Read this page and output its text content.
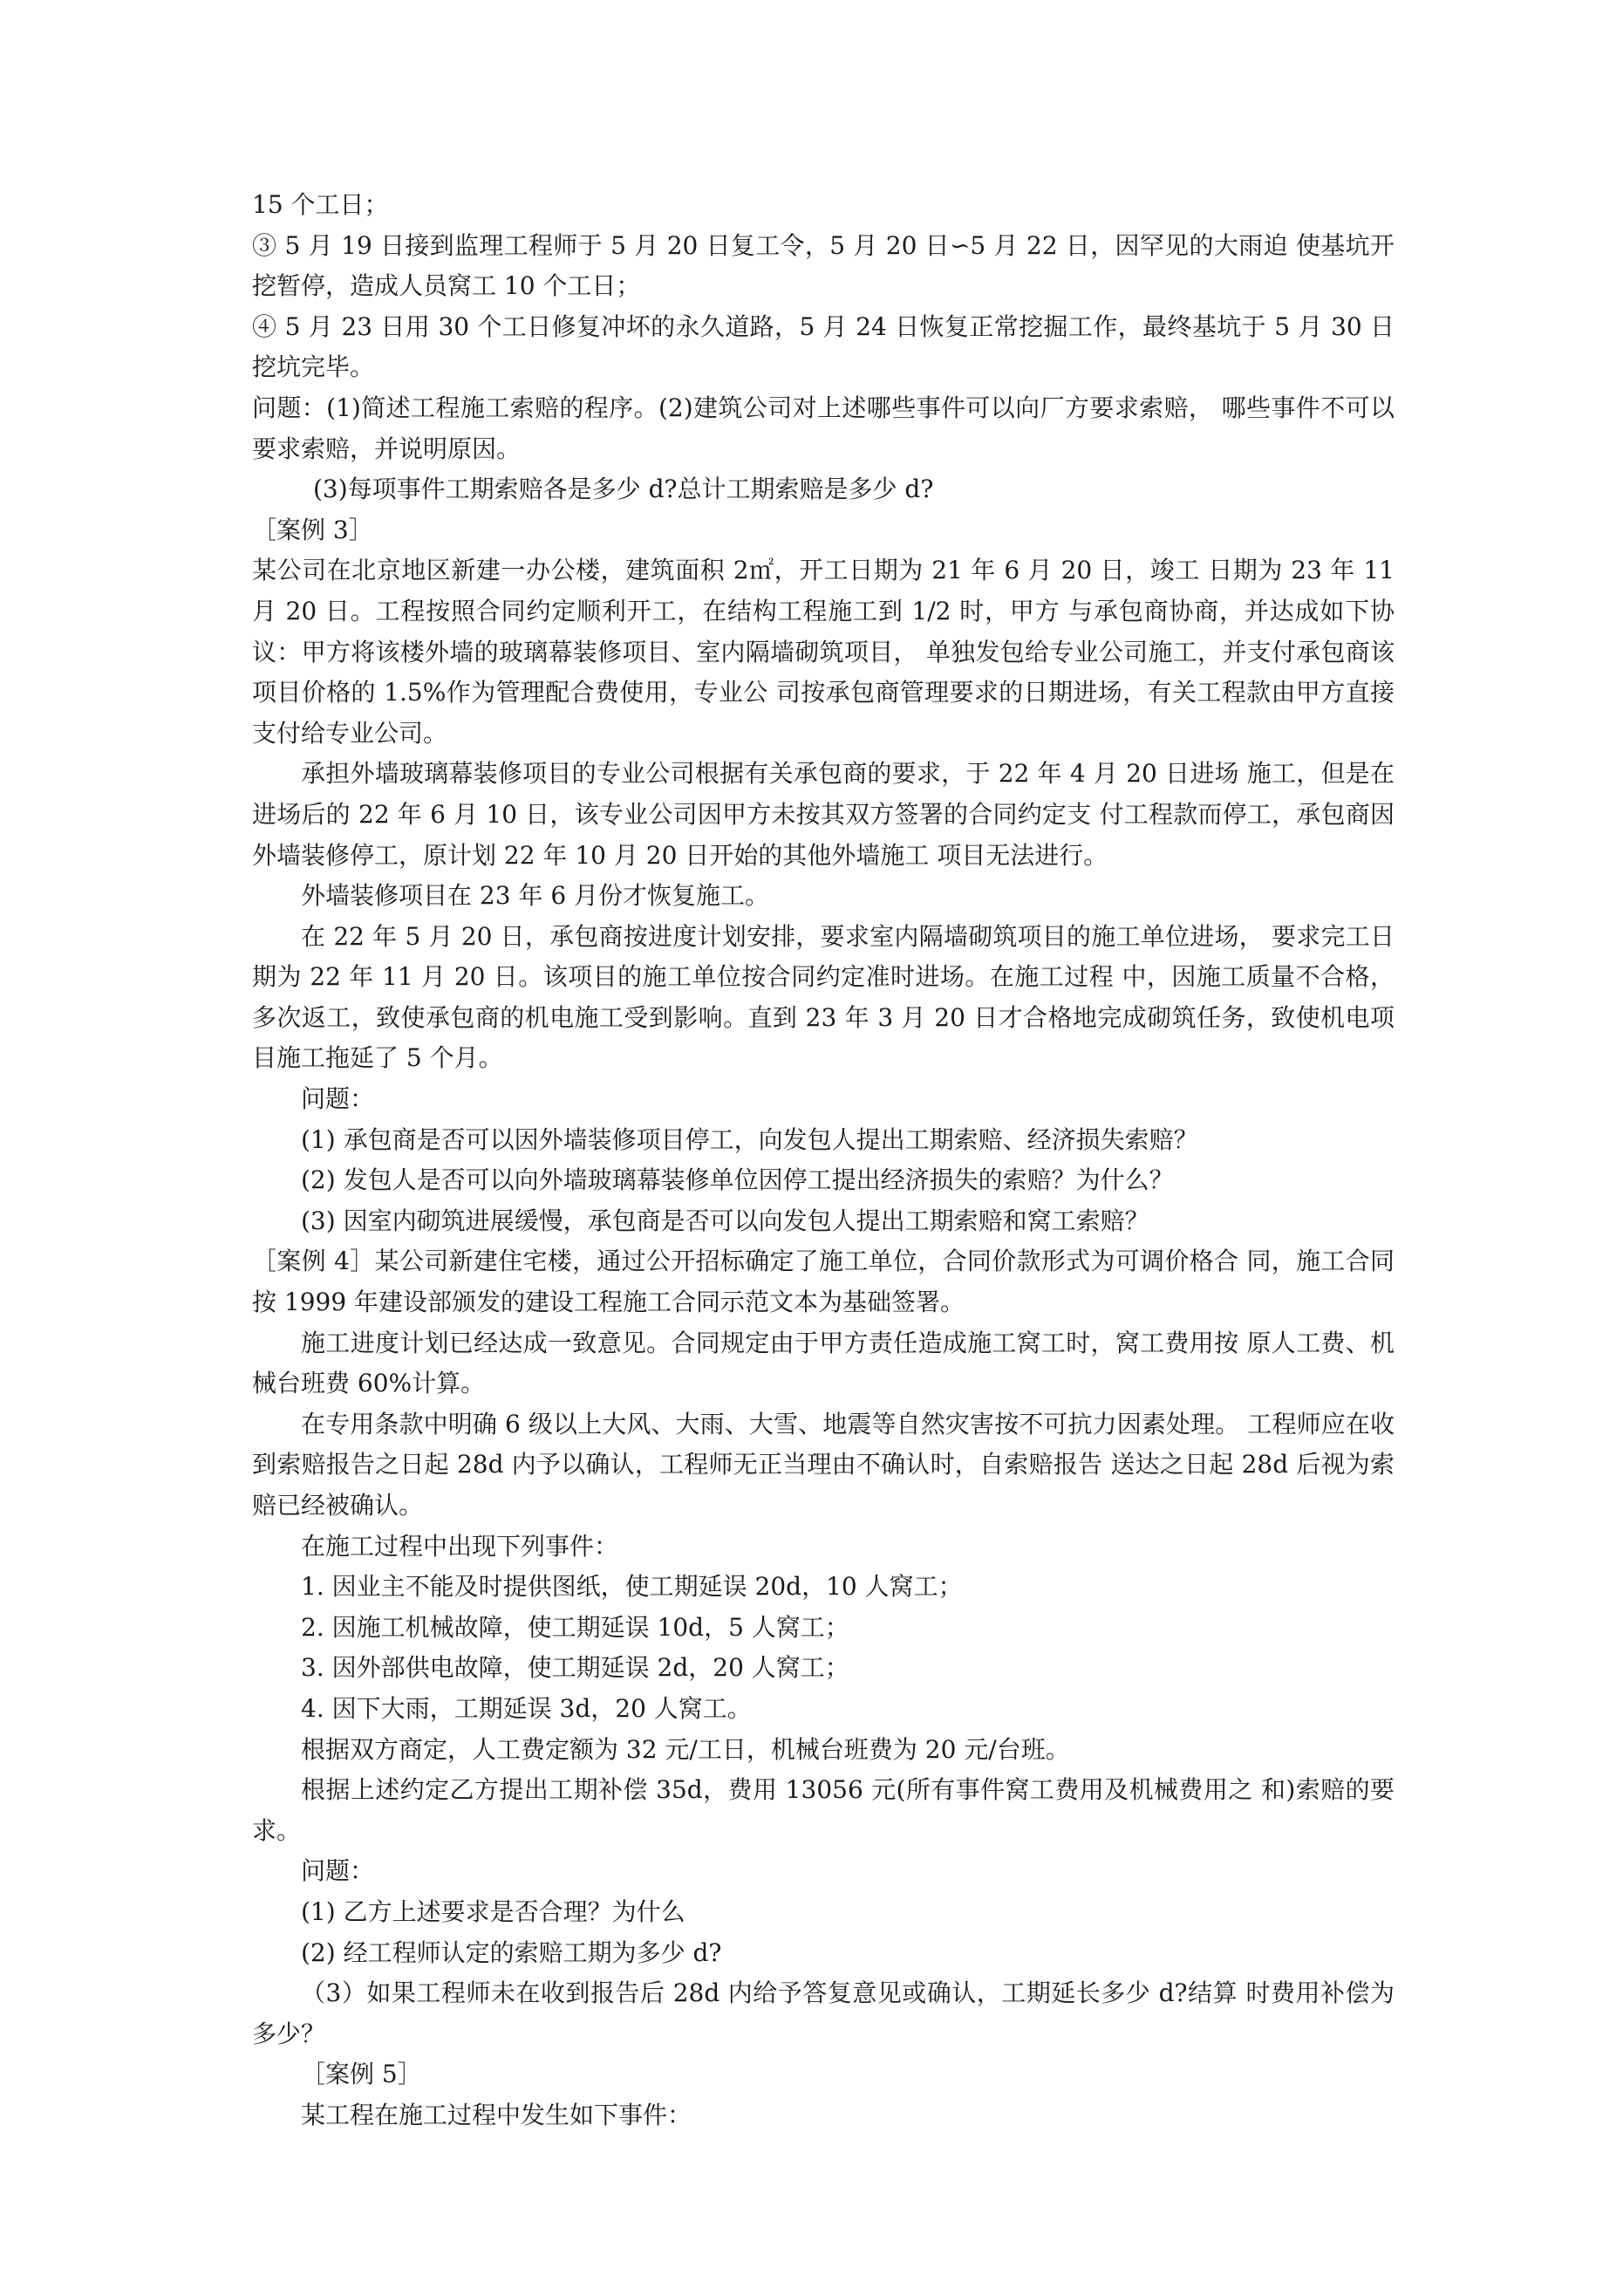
15 个工日；

③ 5 月 19 日接到监理工程师于 5 月 20 日复工令，5 月 20 日∽5 月 22 日，因罕见的大雨迫 使基坑开挖暂停，造成人员窝工 10 个工日；

④ 5 月 23 日用 30 个工日修复冲坏的永久道路，5 月 24 日恢复正常挖掘工作，最终基坑于 5 月 30 日挖坑完毕。

问题：(1)简述工程施工索赔的程序。(2)建筑公司对上述哪些事件可以向厂方要求索赔， 哪些事件不可以要求索赔，并说明原因。

(3)每项事件工期索赔各是多少 d?总计工期索赔是多少 d?

［案例 3］

某公司在北京地区新建一办公楼，建筑面积 2㎡，开工日期为 21 年 6 月 20 日，竣工 日期为 23 年 11 月 20 日。工程按照合同约定顺利开工，在结构工程施工到 1/2 时，甲方 与承包商协商，并达成如下协议：甲方将该楼外墙的玻璃幕装修项目、室内隔墙砌筑项目， 单独发包给专业公司施工，并支付承包商该项目价格的 1.5%作为管理配合费使用，专业公 司按承包商管理要求的日期进场，有关工程款由甲方直接支付给专业公司。

承担外墙玻璃幕装修项目的专业公司根据有关承包商的要求，于 22 年 4 月 20 日进场 施工，但是在进场后的 22 年 6 月 10 日，该专业公司因甲方未按其双方签署的合同约定支 付工程款而停工，承包商因外墙装修停工，原计划 22 年 10 月 20 日开始的其他外墙施工 项目无法进行。

外墙装修项目在 23 年 6 月份才恢复施工。

在 22 年 5 月 20 日，承包商按进度计划安排，要求室内隔墙砌筑项目的施工单位进场， 要求完工日期为 22 年 11 月 20 日。该项目的施工单位按合同约定准时进场。在施工过程 中，因施工质量不合格，多次返工，致使承包商的机电施工受到影响。直到 23 年 3 月 20 日才合格地完成砌筑任务，致使机电项目施工拖延了 5 个月。

问题：

(1) 承包商是否可以因外墙装修项目停工，向发包人提出工期索赔、经济损失索赔？

(2) 发包人是否可以向外墙玻璃幕装修单位因停工提出经济损失的索赔？为什么？

(3) 因室内砌筑进展缓慢，承包商是否可以向发包人提出工期索赔和窝工索赔？

［案例 4］某公司新建住宅楼，通过公开招标确定了施工单位，合同价款形式为可调价格合 同，施工合同按 1999 年建设部颁发的建设工程施工合同示范文本为基础签署。

施工进度计划已经达成一致意见。合同规定由于甲方责任造成施工窝工时，窝工费用按 原人工费、机械台班费 60%计算。

在专用条款中明确 6 级以上大风、大雨、大雪、地震等自然灾害按不可抗力因素处理。 工程师应在收到索赔报告之日起 28d 内予以确认，工程师无正当理由不确认时，自索赔报告 送达之日起 28d 后视为索赔已经被确认。

在施工过程中出现下列事件：

1. 因业主不能及时提供图纸，使工期延误 20d，10 人窝工；

2. 因施工机械故障，使工期延误 10d，5 人窝工；

3. 因外部供电故障，使工期延误 2d，20 人窝工；

4. 因下大雨，工期延误 3d，20 人窝工。

根据双方商定，人工费定额为 32 元/工日，机械台班费为 20 元/台班。

根据上述约定乙方提出工期补偿 35d，费用 13056 元(所有事件窝工费用及机械费用之 和)索赔的要求。

问题：

(1) 乙方上述要求是否合理？为什么

(2) 经工程师认定的索赔工期为多少 d?

（3）如果工程师未在收到报告后 28d 内给予答复意见或确认，工期延长多少 d?结算 时费用补偿为多少？

［案例 5］

某工程在施工过程中发生如下事件：
